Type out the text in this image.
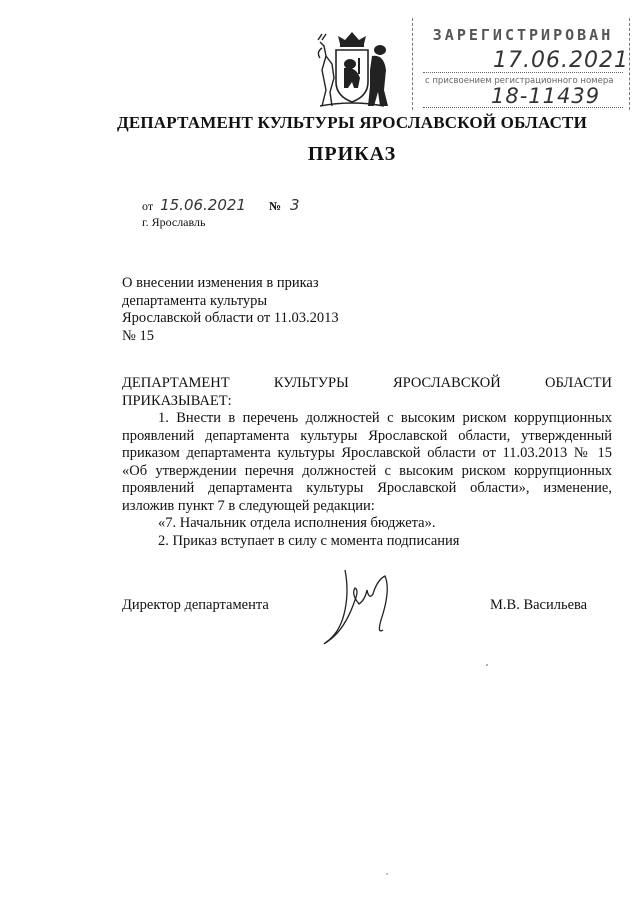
ЗАРЕГИСТРИРОВАН
17.06.2021
с присвоением регистрационного номера
18-11439
ДЕПАРТАМЕНТ КУЛЬТУРЫ ЯРОСЛАВСКОЙ ОБЛАСТИ
ПРИКАЗ
от 15.06.2021 № 3
г. Ярославль
О внесении изменения в приказ
департамента культуры
Ярославской области от 11.03.2013
№ 15
ДЕПАРТАМЕНТ КУЛЬТУРЫ ЯРОСЛАВСКОЙ ОБЛАСТИ
ПРИКАЗЫВАЕТ:
1. Внести в перечень должностей с высоким риском коррупционных
проявлений департамента культуры Ярославской области, утвержденный
приказом департамента культуры Ярославской области от 11.03.2013 № 15
«Об утверждении перечня должностей с высоким риском коррупционных
проявлений департамента культуры Ярославской области», изменение,
изложив пункт 7 в следующей редакции:
«7. Начальник отдела исполнения бюджета».
2. Приказ вступает в силу с момента подписания
Директор департамента	М.В. Васильева
